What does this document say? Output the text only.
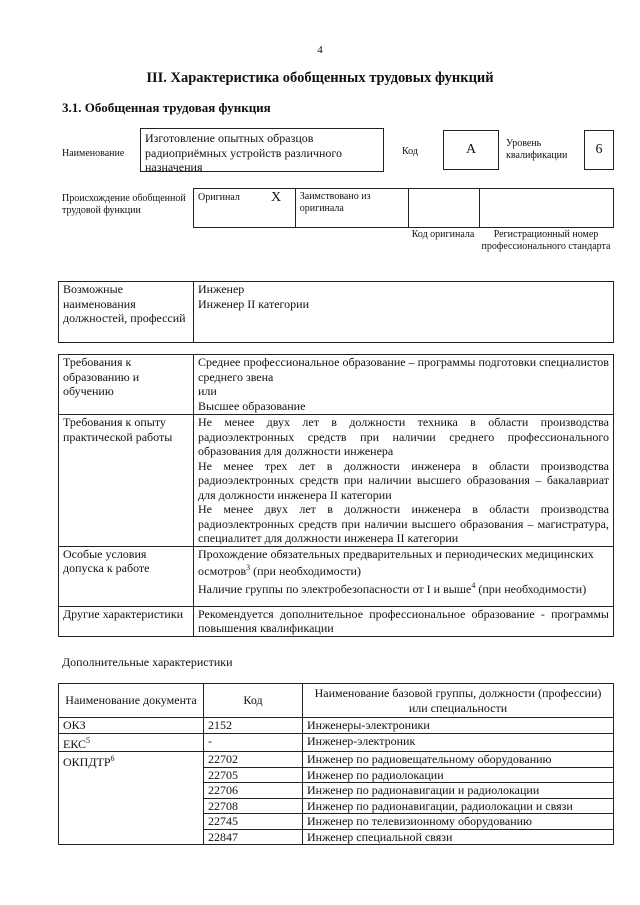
4
III. Характеристика обобщенных трудовых функций
3.1. Обобщенная трудовая функция
Наименование
Изготовление опытных образцов радиоприёмных устройств различного назначения
Код	А	Уровень квалификации	6
Происхождение обобщенной трудовой функции
Оригинал	X	Заимствовано из оригинала		
Код оригинала	Регистрационный номер профессионального стандарта
Возможные наименования должностей, профессий	
Инженер
Инженер II категории
Требования к образованию и обучению	Среднее профессиональное образование – программы подготовки специалистов среднего звена
или
Высшее образование

Требования к опыту практической работы	Не менее двух лет в должности техника в области производства радиоэлектронных средств при наличии среднего профессионального образования для должности инженера
Не менее трех лет в должности инженера в области производства радиоэлектронных средств при наличии высшего образования – бакалавриат для должности инженера II категории
Не менее двух лет в должности инженера в области производства радиоэлектронных средств при наличии высшего образования – магистратура, специалитет для должности инженера II категории

Особые условия допуска к работе	Прохождение обязательных предварительных и периодических медицинских осмотров$^3$ (при необходимости)
Наличие группы по электробезопасности от I и выше$^4$ (при необходимости)

Другие характеристики	Рекомендуется дополнительное профессиональное образование - программы повышения квалификации
Дополнительные характеристики
Наименование документа	Код	Наименование базовой группы, должности (профессии) или специальности
ОКЗ	2152	Инженеры-электроники
ЕКС$^5$	-	Инженер-электроник
ОКПДТР$^6$	22702	Инженер по радиовещательному оборудованию
	22705	Инженер по радиолокации
	22706	Инженер по радионавигации и радиолокации
	22708	Инженер по радионавигации, радиолокации и связи
	22745	Инженер по телевизионному оборудованию
	22847	Инженер специальной связи
